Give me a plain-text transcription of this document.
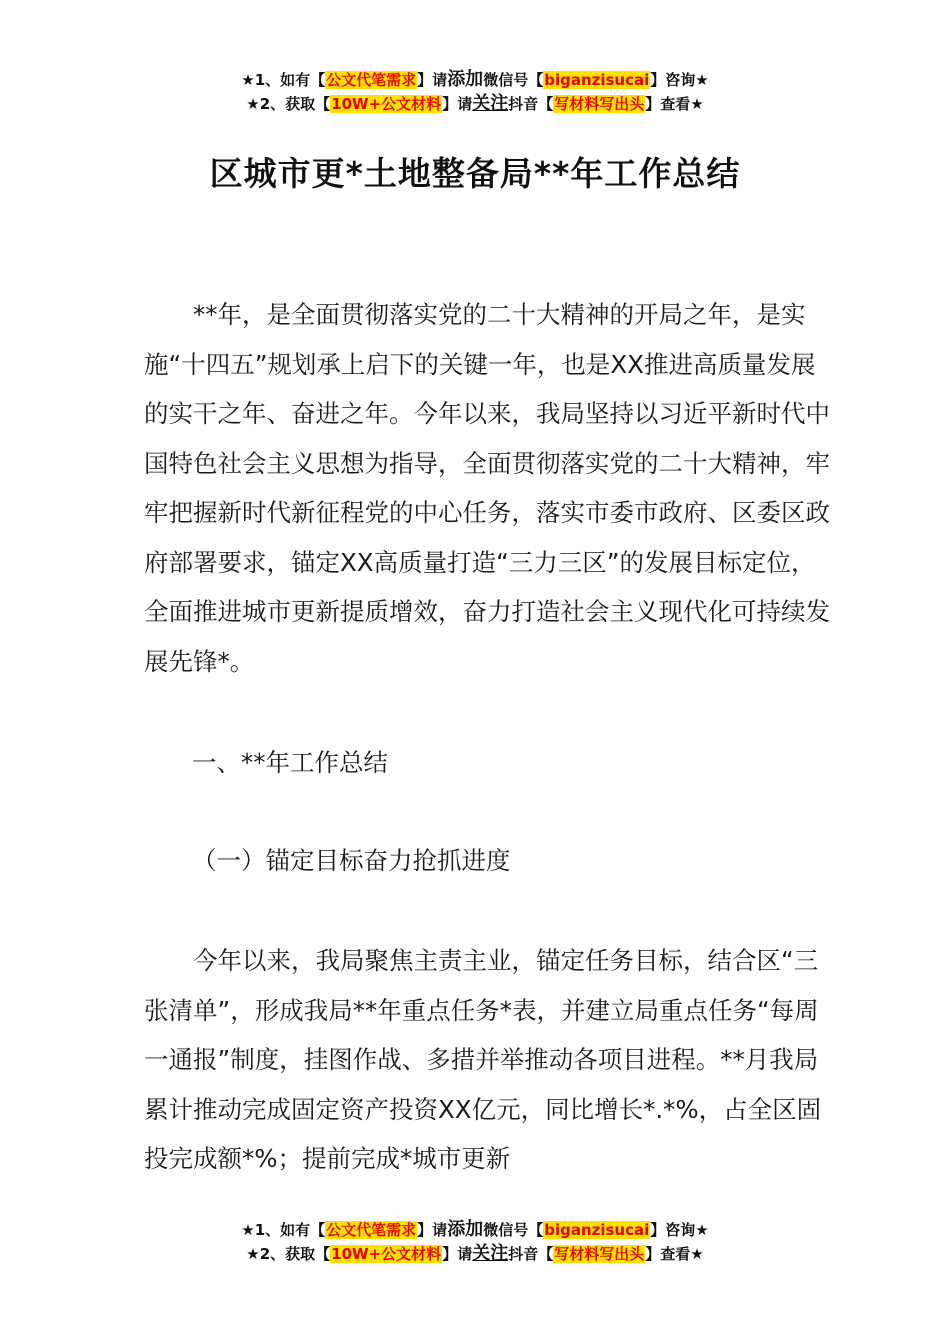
★1、如有【公文代笔需求】请添加微信号【biganzisucai】咨询★
★2、获取【10W+公文材料】请关注抖音【写材料写出头】查看★
区城市更*土地整备局**年工作总结

**年，是全面贯彻落实党的二十大精神的开局之年，是实施“十四五”规划承上启下的关键一年，也是XX推进高质量发展的实干之年、奋进之年。今年以来，我局坚持以习近平新时代中国特色社会主义思想为指导，全面贯彻落实党的二十大精神，牢牢把握新时代新征程党的中心任务，落实市委市政府、区委区政府部署要求，锚定XX高质量打造“三力三区”的发展目标定位，全面推进城市更新提质增效，奋力打造社会主义现代化可持续发展先锋*。

一、**年工作总结
（一）锚定目标奋力抢抓进度

今年以来，我局聚焦主责主业，锚定任务目标，结合区“三张清单”，形成我局**年重点任务*表，并建立局重点任务“每周一通报”制度，挂图作战、多措并举推动各项目进程。**月我局累计推动完成固定资产投资XX亿元，同比增长*.*%，占全区固投完成额*%；提前完成*城市更新

★1、如有【公文代笔需求】请添加微信号【biganzisucai】咨询★
★2、获取【10W+公文材料】请关注抖音【写材料写出头】查看★
